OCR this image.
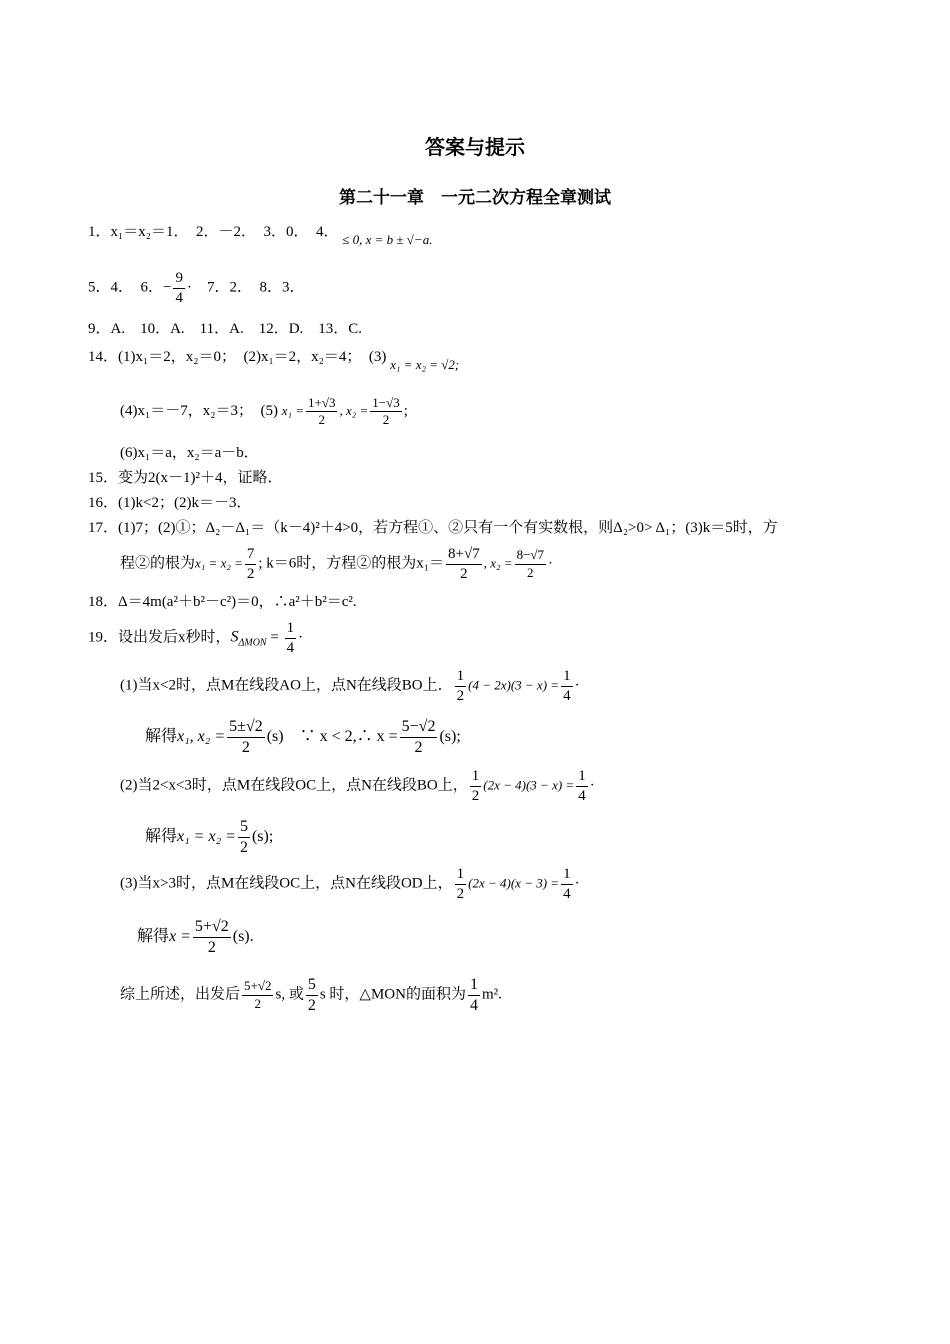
答案与提示
第二十一章　一元二次方程全章测试
1．x₁＝x₂＝1．　2．－2．　3．0．　4． ≤ 0, x = b ± √−a.
5．4．　6．− $\frac{9}{4}$ ·　7．2．　8．3．
9．A.　10．A.　11．A.　12．D.　13．C.
14．(1)x₁＝2，x₂＝0；　(2)x₁＝2，x₂＝4；　(3) x₁ = x₂ = √2;
(4)x₁＝－7，x₂＝3；　(5) $x_1 = \frac{1+√3}{2}$ , $x_2 = \frac{1-√3}{2}$ ;
(6)x₁＝a，x₂＝a－b．
15．变为2(x－1)²＋4，证略．
16．(1)k<2；(2)k＝－3．
17．(1)7；(2)①；Δ₂－Δ₁＝（k－4)²＋4>0，若方程①、②只有一个有实数根，则Δ₂>0> Δ₁；(3)k＝5时，方
程②的根为$x_1 = x_2 = \frac{7}{2}$ ; k＝6时，方程②的根为$x_1= \frac{8+√7}{2}$ , $x_2 = \frac{8-√7}{2}$ ·
18．Δ＝4m(a²＋b²－c²)＝0，∴a²＋b²＝c².
19．设出发后x秒时，$S_{\Delta MON} = \frac{1}{4}$ ·
(1)当x<2时，点M在线段AO上，点N在线段BO上． $\frac{1}{2} (4 - 2x)(3 - x) = \frac{1}{4}$ ·
解得x₁, $x_2 = \frac{5\pm√2}{2} (s)$　∵ x < 2,∴ $x = \frac{5-√2}{2} (s)$;
(2)当2<x<3时，点M在线段OC上，点N在线段BO上， $\frac{1}{2} (2x - 4)(3 - x) = \frac{1}{4}$ ·
解得$x_1 = x_2 = \frac{5}{2} (s)$;
(3)当x>3时，点M在线段OC上，点N在线段OD上， $\frac{1}{2} (2x - 4)(x - 3) = \frac{1}{4}$ ·
解得$x = \frac{5+√2}{2} (s)$.
综上所述，出发后 $\frac{5+√2}{2} s$, 或 $\frac{5}{2}$ s 时，△MON的面积为 $\frac{1}{4} m^2$.
